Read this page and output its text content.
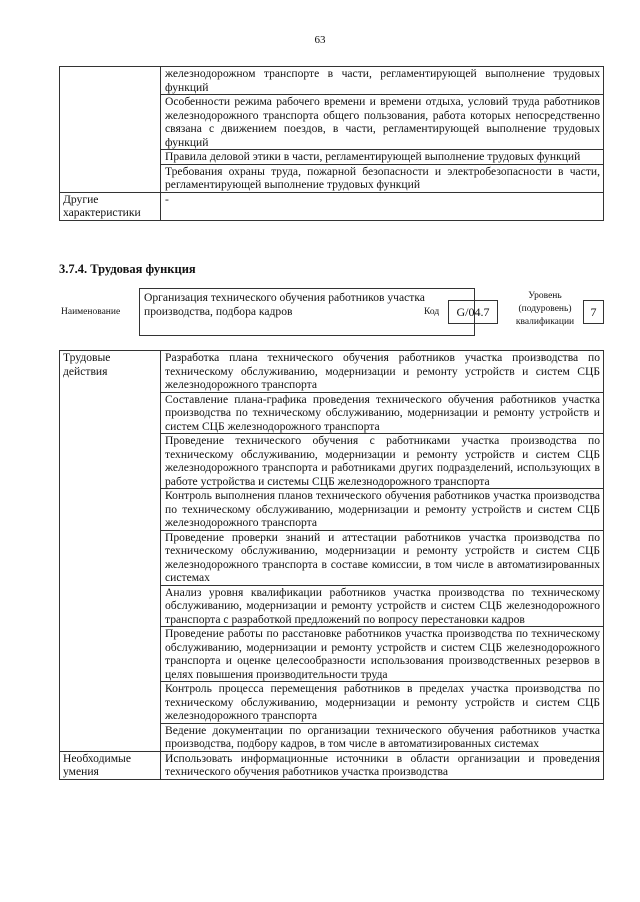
63
	железнодорожном транспорте в части, регламентирующей выполнение трудовых функций
	Особенности режима рабочего времени и времени отдыха, условий труда работников железнодорожного транспорта общего пользования, работа которых непосредственно связана с движением поездов, в части, регламентирующей выполнение трудовых функций
	Правила деловой этики в части, регламентирующей выполнение трудовых функций
	Требования охраны труда, пожарной безопасности и электробезопасности в части, регламентирующей выполнение трудовых функций
Другие характеристики	-
3.7.4. Трудовая функция
Наименование
Организация технического обучения работников участка производства, подбора кадров	Код	G/04.7
Уровень (подуровень) квалификации
7
Трудовые действия	Разработка плана технического обучения работников участка производства по техническому обслуживанию, модернизации и ремонту устройств и систем СЦБ железнодорожного транспорта
	Составление плана-графика проведения технического обучения работников участка производства по техническому обслуживанию, модернизации и ремонту устройств и систем СЦБ железнодорожного транспорта
	Проведение технического обучения с работниками участка производства по техническому обслуживанию, модернизации и ремонту устройств и систем СЦБ железнодорожного транспорта и работниками других подразделений, использующих в работе устройства и системы СЦБ железнодорожного транспорта
	Контроль выполнения планов технического обучения работников участка производства по техническому обслуживанию, модернизации и ремонту устройств и систем СЦБ железнодорожного транспорта
	Проведение проверки знаний и аттестации работников участка производства по техническому обслуживанию, модернизации и ремонту устройств и систем СЦБ железнодорожного транспорта в составе комиссии, в том числе в автоматизированных системах
	Анализ уровня квалификации работников участка производства по техническому обслуживанию, модернизации и ремонту устройств и систем СЦБ железнодорожного транспорта с разработкой предложений по вопросу перестановки кадров
	Проведение работы по расстановке работников участка производства по техническому обслуживанию, модернизации и ремонту устройств и систем СЦБ железнодорожного транспорта и оценке целесообразности использования производственных резервов в целях повышения производительности труда
	Контроль процесса перемещения работников в пределах участка производства по техническому обслуживанию, модернизации и ремонту устройств и систем СЦБ железнодорожного транспорта
	Ведение документации по организации технического обучения работников участка производства, подбору кадров, в том числе в автоматизированных системах
Необходимые умения	Использовать информационные источники в области организации и проведения технического обучения работников участка производства
